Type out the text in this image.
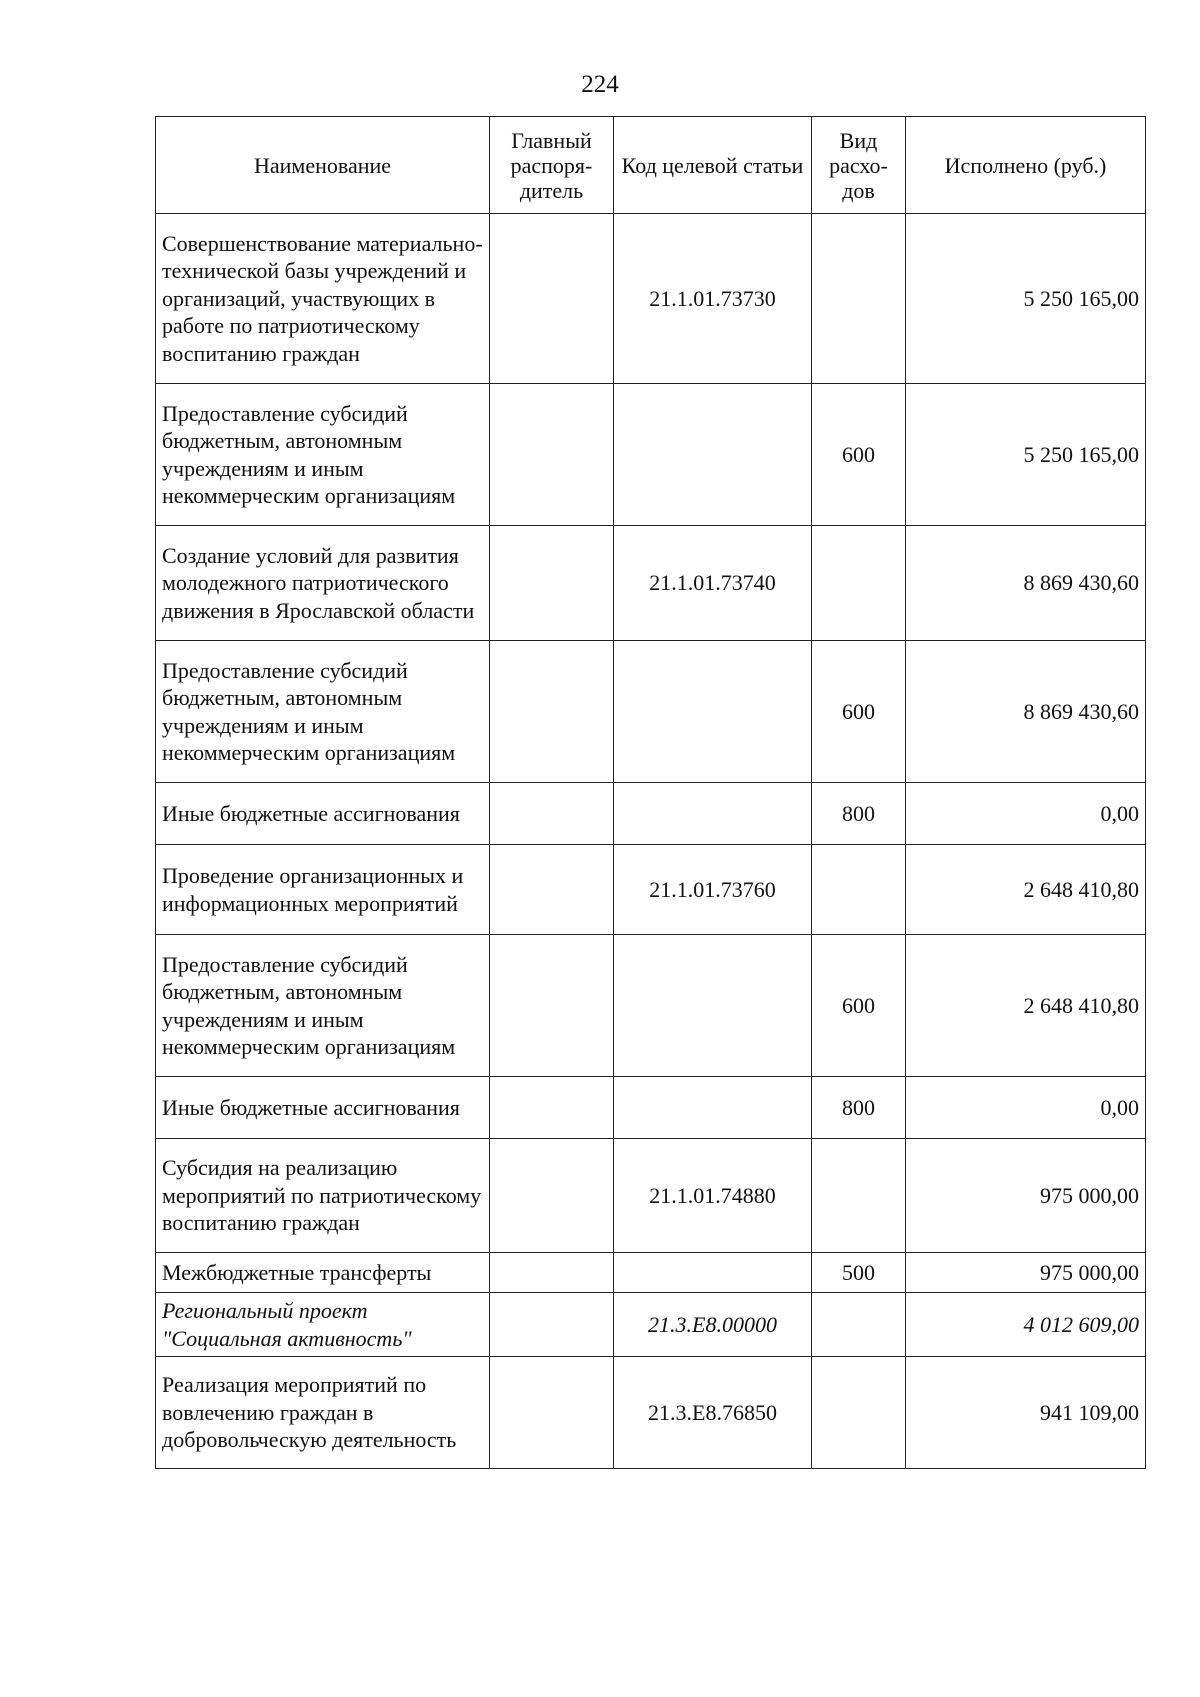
224
Наименование	Главный распоря-дитель	Код целевой статьи	Вид расхо-дов	Исполнено (руб.)
Совершенствование материально-технической базы учреждений и организаций, участвующих в работе по патриотическому воспитанию граждан		21.1.01.73730		5 250 165,00
Предоставление субсидий бюджетным, автономным учреждениям и иным некоммерческим организациям			600	5 250 165,00
Создание условий для развития молодежного патриотического движения в Ярославской области		21.1.01.73740		8 869 430,60
Предоставление субсидий бюджетным, автономным учреждениям и иным некоммерческим организациям			600	8 869 430,60
Иные бюджетные ассигнования			800	0,00
Проведение организационных и информационных мероприятий		21.1.01.73760		2 648 410,80
Предоставление субсидий бюджетным, автономным учреждениям и иным некоммерческим организациям			600	2 648 410,80
Иные бюджетные ассигнования			800	0,00
Субсидия на реализацию мероприятий по патриотическому воспитанию граждан		21.1.01.74880		975 000,00
Межбюджетные трансферты			500	975 000,00
Региональный проект "Социальная активность"		21.3.E8.00000		4 012 609,00
Реализация мероприятий по вовлечению граждан в добровольческую деятельность		21.3.E8.76850		941 109,00
